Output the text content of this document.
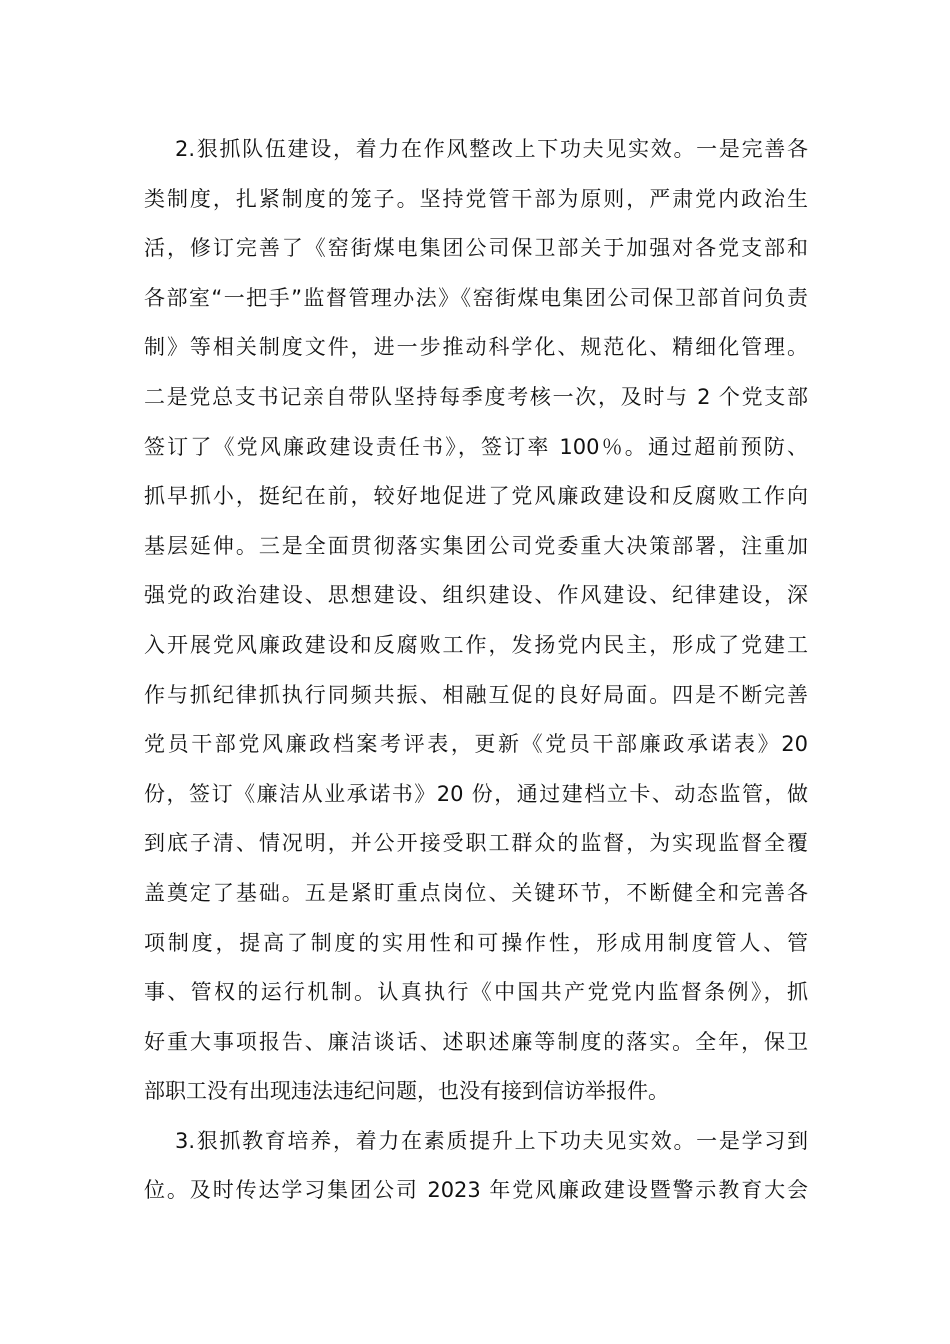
2.狠抓队伍建设，着力在作风整改上下功夫见实效。一是完善各
类制度，扎紧制度的笼子。坚持党管干部为原则，严肃党内政治生
活，修订完善了《窑街煤电集团公司保卫部关于加强对各党支部和
各部室“一把手”监督管理办法》《窑街煤电集团公司保卫部首问负责
制》等相关制度文件，进一步推动科学化、规范化、精细化管理。
二是党总支书记亲自带队坚持每季度考核一次，及时与 2 个党支部
签订了《党风廉政建设责任书》，签订率 100％。通过超前预防、
抓早抓小，挺纪在前，较好地促进了党风廉政建设和反腐败工作向
基层延伸。三是全面贯彻落实集团公司党委重大决策部署，注重加
强党的政治建设、思想建设、组织建设、作风建设、纪律建设，深
入开展党风廉政建设和反腐败工作，发扬党内民主，形成了党建工
作与抓纪律抓执行同频共振、相融互促的良好局面。四是不断完善
党员干部党风廉政档案考评表，更新《党员干部廉政承诺表》20
份，签订《廉洁从业承诺书》20 份，通过建档立卡、动态监管，做
到底子清、情况明，并公开接受职工群众的监督，为实现监督全覆
盖奠定了基础。五是紧盯重点岗位、关键环节，不断健全和完善各
项制度，提高了制度的实用性和可操作性，形成用制度管人、管
事、管权的运行机制。认真执行《中国共产党党内监督条例》，抓
好重大事项报告、廉洁谈话、述职述廉等制度的落实。全年，保卫
部职工没有出现违法违纪问题，也没有接到信访举报件。
3.狠抓教育培养，着力在素质提升上下功夫见实效。一是学习到
位。及时传达学习集团公司 2023 年党风廉政建设暨警示教育大会
